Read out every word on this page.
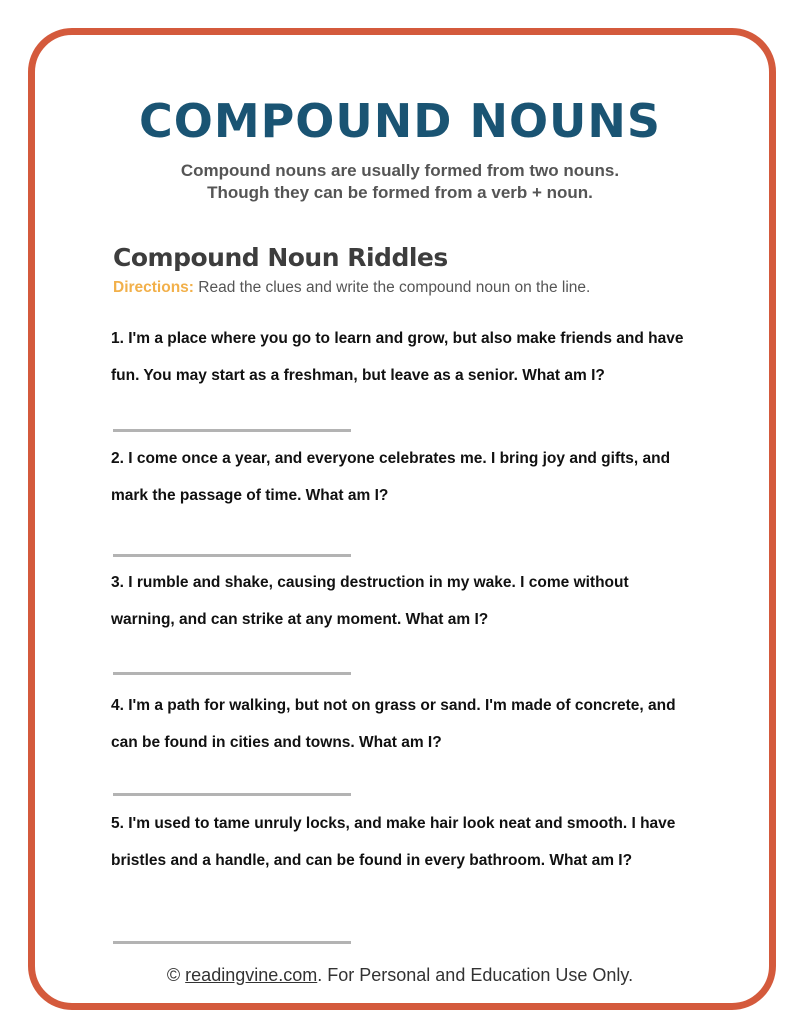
COMPOUND NOUNS
Compound nouns are usually formed from two nouns.
Though they can be formed from a verb + noun.
Compound Noun Riddles
Directions: Read the clues and write the compound noun on the line.
1. I'm a place where you go to learn and grow, but also make friends and have fun. You may start as a freshman, but leave as a senior. What am I?
2. I come once a year, and everyone celebrates me. I bring joy and gifts, and mark the passage of time. What am I?
3. I rumble and shake, causing destruction in my wake. I come without warning, and can strike at any moment. What am I?
4. I'm a path for walking, but not on grass or sand. I'm made of concrete, and can be found in cities and towns. What am I?
5. I'm used to tame unruly locks, and make hair look neat and smooth. I have bristles and a handle, and can be found in every bathroom. What am I?
© readingvine.com. For Personal and Education Use Only.
